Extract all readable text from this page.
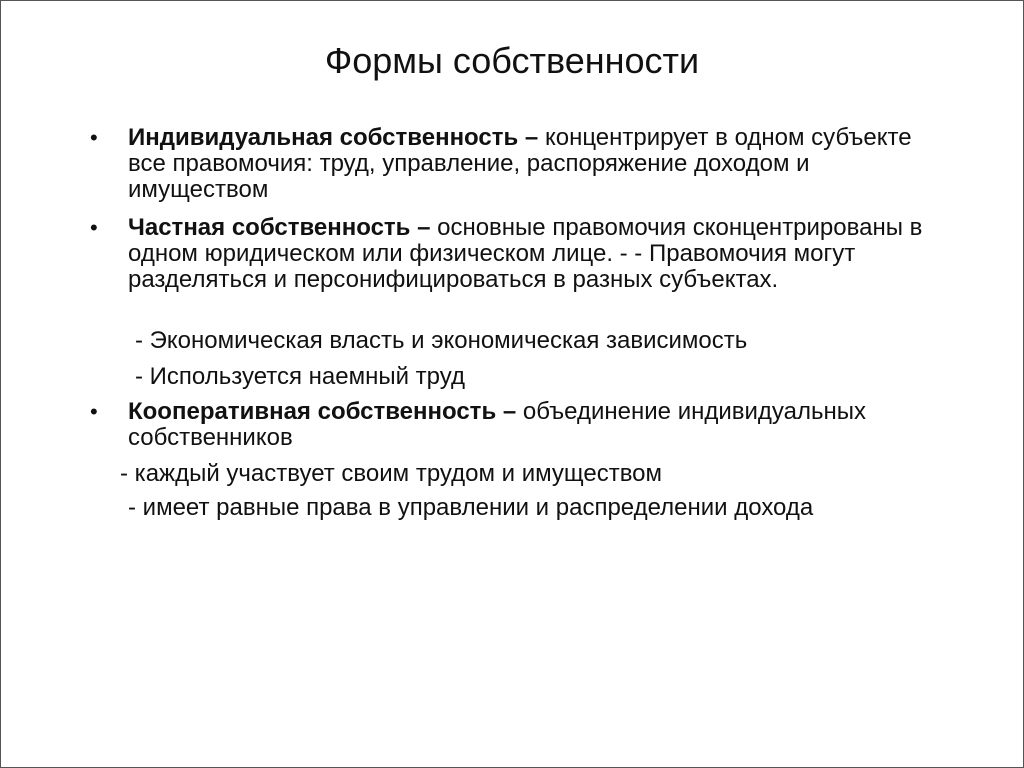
Формы собственности
• Индивидуальная собственность – концентрирует в одном субъекте все правомочия: труд, управление, распоряжение доходом и имуществом

• Частная собственность – основные правомочия сконцентрированы в одном юридическом или физическом лице. - - Правомочия могут разделяться и персонифицироваться в разных субъектах.

- Экономическая власть и экономическая зависимость

- Используется наемный труд

• Кооперативная собственность – объединение индивидуальных собственников

- каждый участвует своим трудом и имуществом

- имеет равные права в управлении и распределении дохода
